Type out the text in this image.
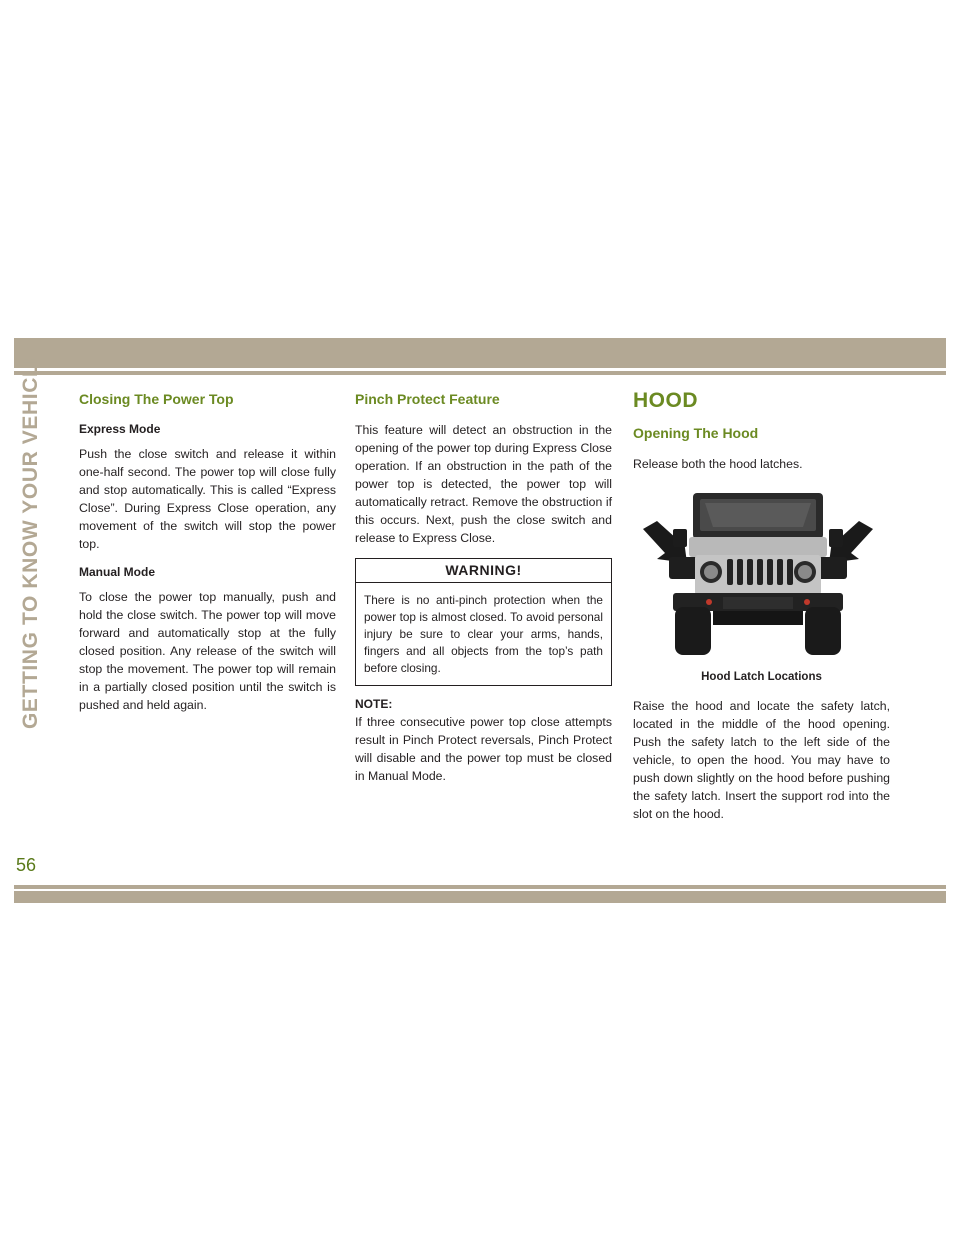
GETTING TO KNOW YOUR VEHICLE	Closing The Power Top
Express Mode

Push the close switch and release it within one-half second. The power top will close fully and stop automatically. This is called “Express Close”. During Express Close operation, any movement of the switch will stop the power top.

Manual Mode

To close the power top manually, push and hold the close switch. The power top will move forward and automatically stop at the fully closed position. Any release of the switch will stop the movement. The power top will remain in a partially closed position until the switch is pushed and held again.

Pinch Protect Feature

This feature will detect an obstruction in the opening of the power top during Express Close operation. If an obstruction in the path of the power top is detected, the power top will automatically retract. Remove the obstruction if this occurs. Next, push the close switch and release to Express Close.

WARNING!

There is no anti-pinch protection when the power top is almost closed. To avoid personal injury be sure to clear your arms, hands, fingers and all objects from the top’s path before closing.

NOTE:

If three consecutive power top close attempts result in Pinch Protect reversals, Pinch Protect will disable and the power top must be closed in Manual Mode.

HOOD
Opening The Hood

Release both the hood latches.

Hood Latch Locations

Raise the hood and locate the safety latch, located in the middle of the hood opening. Push the safety latch to the left side of the vehicle, to open the hood. You may have to push down slightly on the hood before pushing the safety latch. Insert the support rod into the slot on the hood.

56
